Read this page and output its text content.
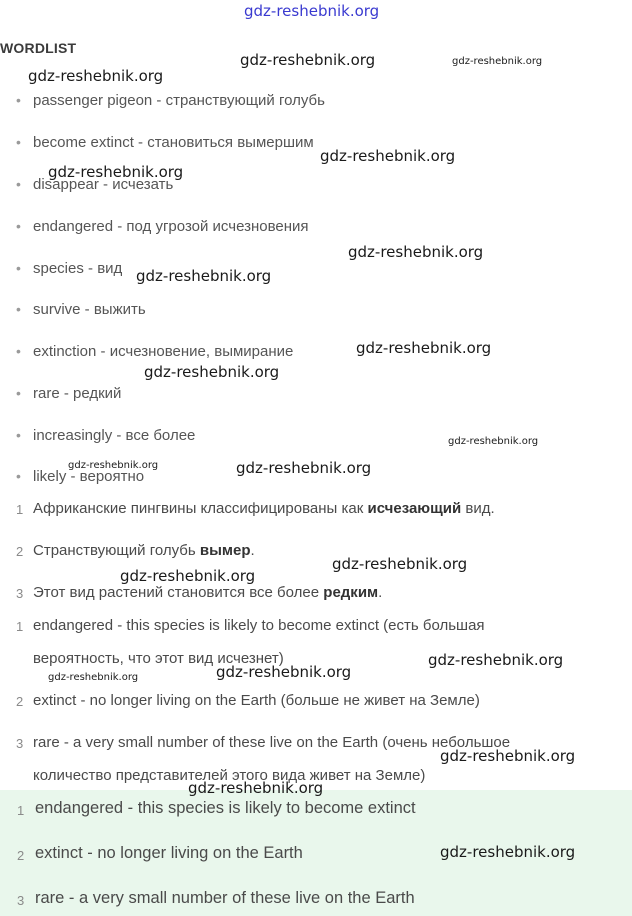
WORDLIST
• passenger pigeon - странствующий голубь
• become extinct - становиться вымершим
• disappear - исчезать
• endangered - под угрозой исчезновения
• species - вид
• survive - выжить
• extinction - исчезновение, вымирание
• rare - редкий
• increasingly - все более
• likely - вероятно
1 Африканские пингвины классифицированы как исчезающий вид.
2 Странствующий голубь вымер.
3 Этот вид растений становится все более редким.
1 endangered - this species is likely to become extinct (есть большая
вероятность, что этот вид исчезнет)
2 extinct - no longer living on the Earth (больше не живет на Земле)
3 rare - a very small number of these live on the Earth (очень небольшое
количество представителей этого вида живет на Земле)
1 endangered - this species is likely to become extinct
2 extinct - no longer living on the Earth
3 rare - a very small number of these live on the Earth
gdz-reshebnik.org
gdz-reshebnik.org	gdz-reshebnik.org
gdz-reshebnik.org
gdz-reshebnik.org
gdz-reshebnik.org
gdz-reshebnik.org
gdz-reshebnik.org
gdz-reshebnik.org
gdz-reshebnik.org
gdz-reshebnik.org
gdz-reshebnik.org	gdz-reshebnik.org
gdz-reshebnik.org
gdz-reshebnik.org
gdz-reshebnik.org
gdz-reshebnik.org
gdz-reshebnik.org
gdz-reshebnik.org
gdz-reshebnik.org
gdz-reshebnik.org
